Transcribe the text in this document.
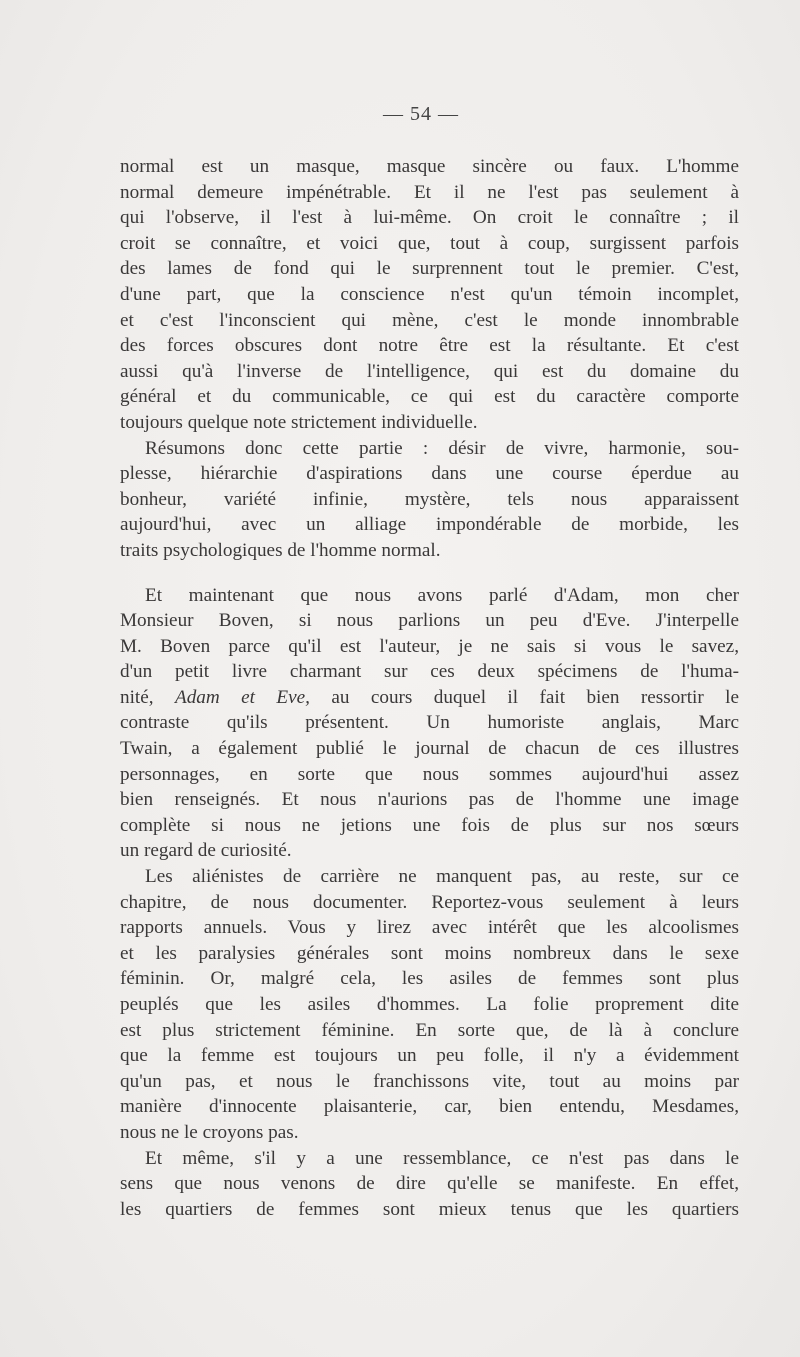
— 54 —
normal est un masque, masque sincère ou faux. L'homme
normal demeure impénétrable. Et il ne l'est pas seulement à
qui l'observe, il l'est à lui-même. On croit le connaître ; il
croit se connaître, et voici que, tout à coup, surgissent parfois
des lames de fond qui le surprennent tout le premier. C'est,
d'une part, que la conscience n'est qu'un témoin incomplet,
et c'est l'inconscient qui mène, c'est le monde innombrable
des forces obscures dont notre être est la résultante. Et c'est
aussi qu'à l'inverse de l'intelligence, qui est du domaine du
général et du communicable, ce qui est du caractère comporte
toujours quelque note strictement individuelle.
Résumons donc cette partie : désir de vivre, harmonie, sou-
plesse, hiérarchie d'aspirations dans une course éperdue au
bonheur, variété infinie, mystère, tels nous apparaissent
aujourd'hui, avec un alliage impondérable de morbide, les
traits psychologiques de l'homme normal.
Et maintenant que nous avons parlé d'Adam, mon cher
Monsieur Boven, si nous parlions un peu d'Eve. J'interpelle
M. Boven parce qu'il est l'auteur, je ne sais si vous le savez,
d'un petit livre charmant sur ces deux spécimens de l'huma-
nité, Adam et Eve, au cours duquel il fait bien ressortir le
contraste qu'ils présentent. Un humoriste anglais, Marc
Twain, a également publié le journal de chacun de ces illustres
personnages, en sorte que nous sommes aujourd'hui assez
bien renseignés. Et nous n'aurions pas de l'homme une image
complète si nous ne jetions une fois de plus sur nos sœurs
un regard de curiosité.
Les aliénistes de carrière ne manquent pas, au reste, sur ce
chapitre, de nous documenter. Reportez-vous seulement à leurs
rapports annuels. Vous y lirez avec intérêt que les alcoolismes
et les paralysies générales sont moins nombreux dans le sexe
féminin. Or, malgré cela, les asiles de femmes sont plus
peuplés que les asiles d'hommes. La folie proprement dite
est plus strictement féminine. En sorte que, de là à conclure
que la femme est toujours un peu folle, il n'y a évidemment
qu'un pas, et nous le franchissons vite, tout au moins par
manière d'innocente plaisanterie, car, bien entendu, Mesdames,
nous ne le croyons pas.
Et même, s'il y a une ressemblance, ce n'est pas dans le
sens que nous venons de dire qu'elle se manifeste. En effet,
les quartiers de femmes sont mieux tenus que les quartiers
